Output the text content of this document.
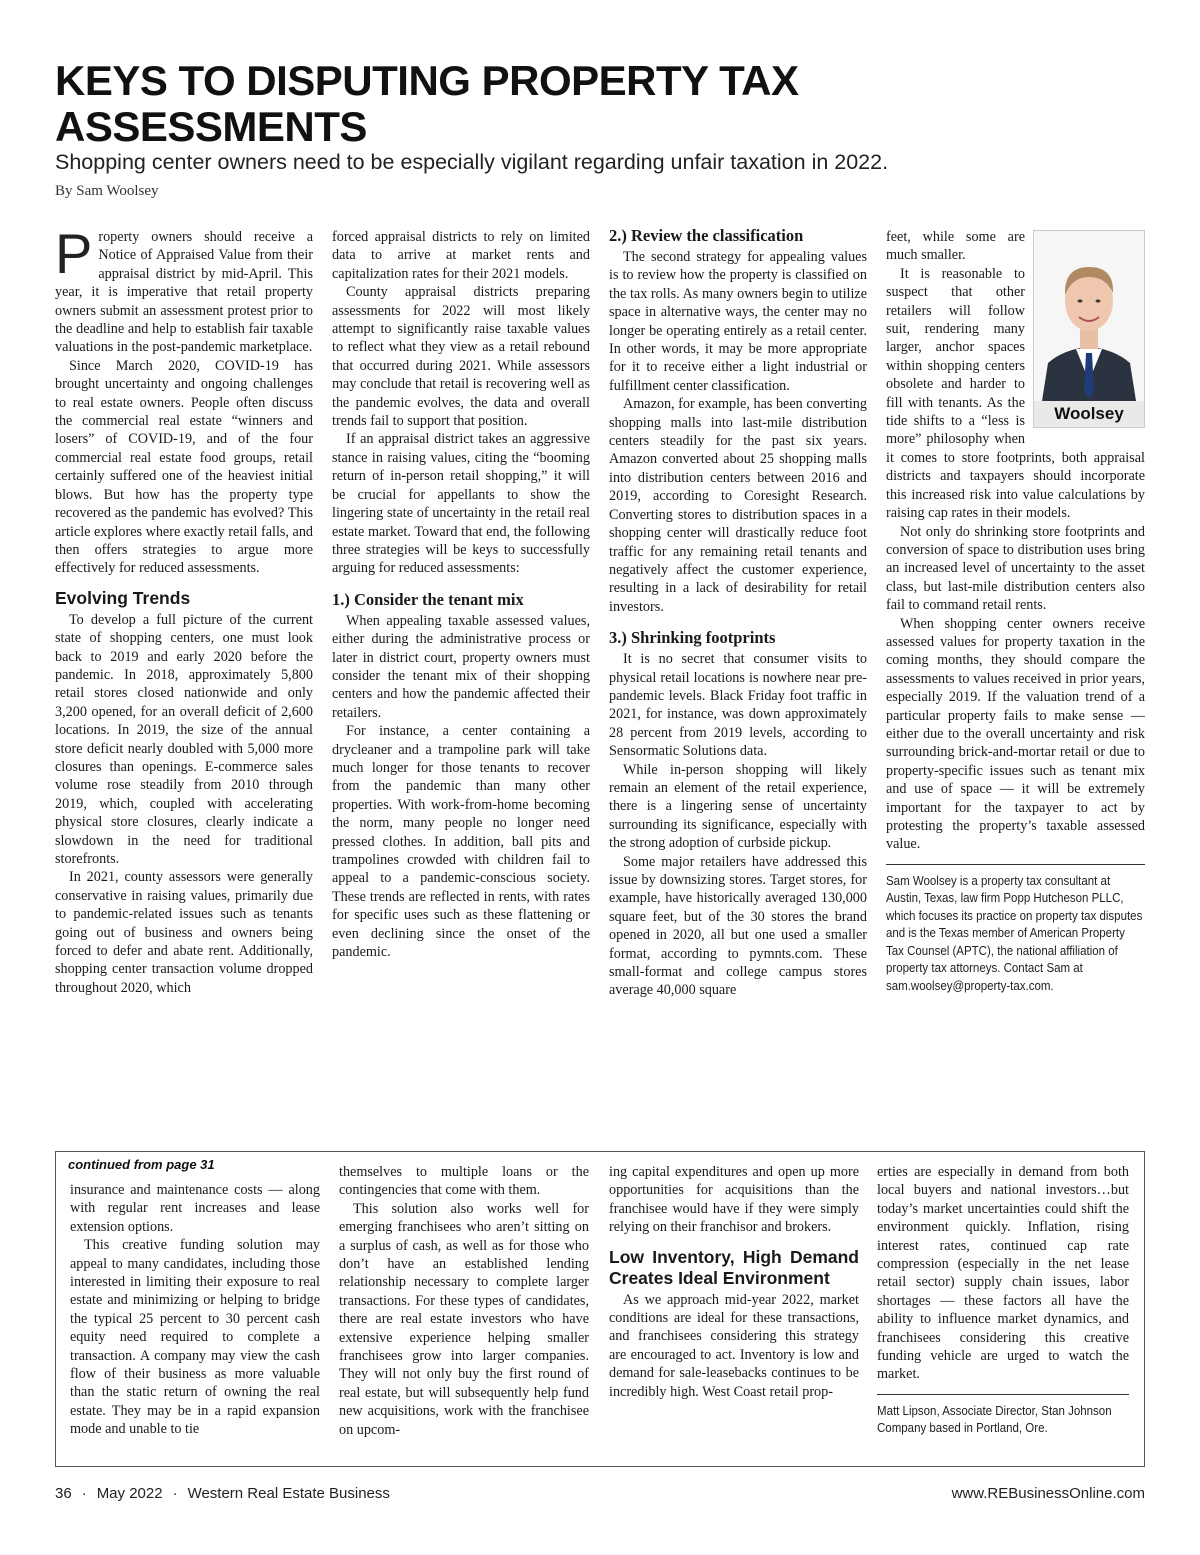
KEYS TO DISPUTING PROPERTY TAX ASSESSMENTS

Shopping center owners need to be especially vigilant regarding unfair taxation in 2022.

By Sam Woolsey

Property owners should receive a Notice of Appraised Value from their appraisal district by mid-April. This year, it is imperative that retail property owners submit an assessment protest prior to the deadline and help to establish fair taxable valuations in the post-pandemic marketplace.

Since March 2020, COVID-19 has brought uncertainty and ongoing challenges to real estate owners. People often discuss the commercial real estate “winners and losers” of COVID-19, and of the four commercial real estate food groups, retail certainly suffered one of the heaviest initial blows. But how has the property type recovered as the pandemic has evolved? This article explores where exactly retail falls, and then offers strategies to argue more effectively for reduced assessments.

Evolving Trends

To develop a full picture of the current state of shopping centers, one must look back to 2019 and early 2020 before the pandemic. In 2018, approximately 5,800 retail stores closed nationwide and only 3,200 opened, for an overall deficit of 2,600 locations. In 2019, the size of the annual store deficit nearly doubled with 5,000 more closures than openings. E-commerce sales volume rose steadily from 2010 through 2019, which, coupled with accelerating physical store closures, clearly indicate a slowdown in the need for traditional storefronts.

In 2021, county assessors were generally conservative in raising values, primarily due to pandemic-related issues such as tenants going out of business and owners being forced to defer and abate rent. Additionally, shopping center transaction volume dropped throughout 2020, which

forced appraisal districts to rely on limited data to arrive at market rents and capitalization rates for their 2021 models.

County appraisal districts preparing assessments for 2022 will most likely attempt to significantly raise taxable values to reflect what they view as a retail rebound that occurred during 2021. While assessors may conclude that retail is recovering well as the pandemic evolves, the data and overall trends fail to support that position.

If an appraisal district takes an aggressive stance in raising values, citing the “booming return of in-person retail shopping,” it will be crucial for appellants to show the lingering state of uncertainty in the retail real estate market. Toward that end, the following three strategies will be keys to successfully arguing for reduced assessments:

1.) Consider the tenant mix

When appealing taxable assessed values, either during the administrative process or later in district court, property owners must consider the tenant mix of their shopping centers and how the pandemic affected their retailers.

For instance, a center containing a drycleaner and a trampoline park will take much longer for those tenants to recover from the pandemic than many other properties. With work-from-home becoming the norm, many people no longer need pressed clothes. In addition, ball pits and trampolines crowded with children fail to appeal to a pandemic-conscious society. These trends are reflected in rents, with rates for specific uses such as these flattening or even declining since the onset of the pandemic.

2.) Review the classification

The second strategy for appealing values is to review how the property is classified on the tax rolls. As many owners begin to utilize space in alternative ways, the center may no longer be operating entirely as a retail center. In other words, it may be more appropriate for it to receive either a light industrial or fulfillment center classification.

Amazon, for example, has been converting shopping malls into last-mile distribution centers steadily for the past six years. Amazon converted about 25 shopping malls into distribution centers between 2016 and 2019, according to Coresight Research. Converting stores to distribution spaces in a shopping center will drastically reduce foot traffic for any remaining retail tenants and negatively affect the customer experience, resulting in a lack of desirability for retail investors.

3.) Shrinking footprints

It is no secret that consumer visits to physical retail locations is nowhere near pre-pandemic levels. Black Friday foot traffic in 2021, for instance, was down approximately 28 percent from 2019 levels, according to Sensormatic Solutions data.

While in-person shopping will likely remain an element of the retail experience, there is a lingering sense of uncertainty surrounding its significance, especially with the strong adoption of curbside pickup.

Some major retailers have addressed this issue by downsizing stores. Target stores, for example, have historically averaged 130,000 square feet, but of the 30 stores the brand opened in 2020, all but one used a smaller format, according to pymnts.com. These small-format and college campus stores average 40,000 square

Woolsey

feet, while some are much smaller.

It is reasonable to suspect that other retailers will follow suit, rendering many larger, anchor spaces within shopping centers obsolete and harder to fill with tenants. As the tide shifts to a “less is more” philosophy when it comes to store footprints, both appraisal districts and taxpayers should incorporate this increased risk into value calculations by raising cap rates in their models.

Not only do shrinking store footprints and conversion of space to distribution uses bring an increased level of uncertainty to the asset class, but last-mile distribution centers also fail to command retail rents.

When shopping center owners receive assessed values for property taxation in the coming months, they should compare the assessments to values received in prior years, especially 2019. If the valuation trend of a particular property fails to make sense — either due to the overall uncertainty and risk surrounding brick-and-mortar retail or due to property-specific issues such as tenant mix and use of space — it will be extremely important for the taxpayer to act by protesting the property’s taxable assessed value.

Sam Woolsey is a property tax consultant at Austin, Texas, law firm Popp Hutcheson PLLC, which focuses its practice on property tax disputes and is the Texas member of American Property Tax Counsel (APTC), the national affiliation of property tax attorneys. Contact Sam at sam.woolsey@property-tax.com.
continued from page 31

insurance and maintenance costs — along with regular rent increases and lease extension options.

This creative funding solution may appeal to many candidates, including those interested in limiting their exposure to real estate and minimizing or helping to bridge the typical 25 percent to 30 percent cash equity need required to complete a transaction. A company may view the cash flow of their business as more valuable than the static return of owning the real estate. They may be in a rapid expansion mode and unable to tie

themselves to multiple loans or the contingencies that come with them.

This solution also works well for emerging franchisees who aren’t sitting on a surplus of cash, as well as for those who don’t have an established lending relationship necessary to complete larger transactions. For these types of candidates, there are real estate investors who have extensive experience helping smaller franchisees grow into larger companies. They will not only buy the first round of real estate, but will subsequently help fund new acquisitions, work with the franchisee on upcom-

ing capital expenditures and open up more opportunities for acquisitions than the franchisee would have if they were simply relying on their franchisor and brokers.

Low Inventory, High Demand Creates Ideal Environment

As we approach mid-year 2022, market conditions are ideal for these transactions, and franchisees considering this strategy are encouraged to act. Inventory is low and demand for sale-leasebacks continues to be incredibly high. West Coast retail prop-

erties are especially in demand from both local buyers and national investors…but today’s market uncertainties could shift the environment quickly. Inflation, rising interest rates, continued cap rate compression (especially in the net lease retail sector) supply chain issues, labor shortages — these factors all have the ability to influence market dynamics, and franchisees considering this creative funding vehicle are urged to watch the market.

Matt Lipson, Associate Director, Stan Johnson Company based in Portland, Ore.
36 · May 2022 · Western Real Estate Business	www.REBusinessOnline.com
